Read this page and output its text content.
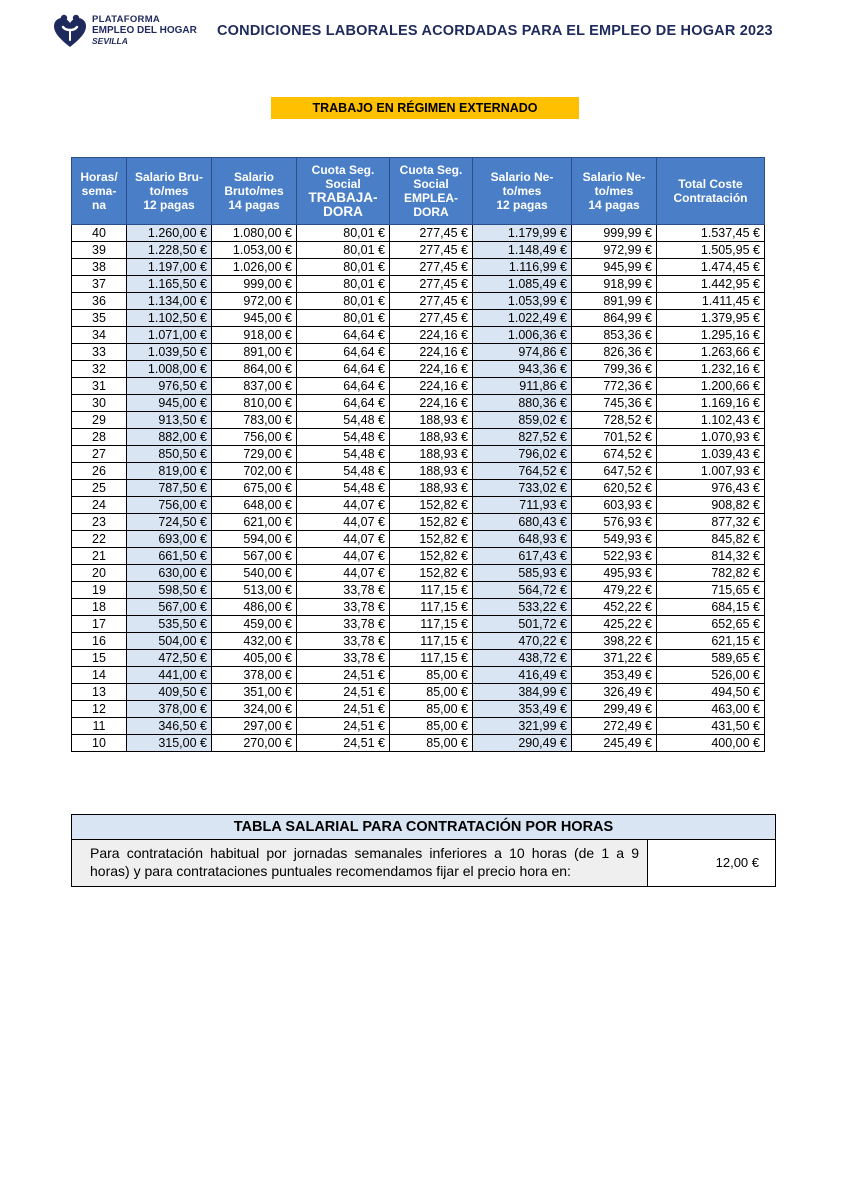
PLATAFORMA
EMPLEO DEL HOGAR
SEVILLA
CONDICIONES LABORALES ACORDADAS PARA EL EMPLEO DE HOGAR 2023
TRABAJO EN RÉGIMEN EXTERNADO
Horas/
sema-
na	Salario Bru-
to/mes
12 pagas	Salario
Bruto/mes
14 pagas	Cuota Seg.
Social
TRABAJA-
DORA	Cuota Seg.
Social
EMPLEA-
DORA	Salario Ne-
to/mes
12 pagas	Salario Ne-
to/mes
14 pagas	Total Coste
Contratación
40	1.260,00 €	1.080,00 €	80,01 €	277,45 €	1.179,99 €	999,99 €	1.537,45 €
39	1.228,50 €	1.053,00 €	80,01 €	277,45 €	1.148,49 €	972,99 €	1.505,95 €
38	1.197,00 €	1.026,00 €	80,01 €	277,45 €	1.116,99 €	945,99 €	1.474,45 €
37	1.165,50 €	999,00 €	80,01 €	277,45 €	1.085,49 €	918,99 €	1.442,95 €
36	1.134,00 €	972,00 €	80,01 €	277,45 €	1.053,99 €	891,99 €	1.411,45 €
35	1.102,50 €	945,00 €	80,01 €	277,45 €	1.022,49 €	864,99 €	1.379,95 €
34	1.071,00 €	918,00 €	64,64 €	224,16 €	1.006,36 €	853,36 €	1.295,16 €
33	1.039,50 €	891,00 €	64,64 €	224,16 €	974,86 €	826,36 €	1.263,66 €
32	1.008,00 €	864,00 €	64,64 €	224,16 €	943,36 €	799,36 €	1.232,16 €
31	976,50 €	837,00 €	64,64 €	224,16 €	911,86 €	772,36 €	1.200,66 €
30	945,00 €	810,00 €	64,64 €	224,16 €	880,36 €	745,36 €	1.169,16 €
29	913,50 €	783,00 €	54,48 €	188,93 €	859,02 €	728,52 €	1.102,43 €
28	882,00 €	756,00 €	54,48 €	188,93 €	827,52 €	701,52 €	1.070,93 €
27	850,50 €	729,00 €	54,48 €	188,93 €	796,02 €	674,52 €	1.039,43 €
26	819,00 €	702,00 €	54,48 €	188,93 €	764,52 €	647,52 €	1.007,93 €
25	787,50 €	675,00 €	54,48 €	188,93 €	733,02 €	620,52 €	976,43 €
24	756,00 €	648,00 €	44,07 €	152,82 €	711,93 €	603,93 €	908,82 €
23	724,50 €	621,00 €	44,07 €	152,82 €	680,43 €	576,93 €	877,32 €
22	693,00 €	594,00 €	44,07 €	152,82 €	648,93 €	549,93 €	845,82 €
21	661,50 €	567,00 €	44,07 €	152,82 €	617,43 €	522,93 €	814,32 €
20	630,00 €	540,00 €	44,07 €	152,82 €	585,93 €	495,93 €	782,82 €
19	598,50 €	513,00 €	33,78 €	117,15 €	564,72 €	479,22 €	715,65 €
18	567,00 €	486,00 €	33,78 €	117,15 €	533,22 €	452,22 €	684,15 €
17	535,50 €	459,00 €	33,78 €	117,15 €	501,72 €	425,22 €	652,65 €
16	504,00 €	432,00 €	33,78 €	117,15 €	470,22 €	398,22 €	621,15 €
15	472,50 €	405,00 €	33,78 €	117,15 €	438,72 €	371,22 €	589,65 €
14	441,00 €	378,00 €	24,51 €	85,00 €	416,49 €	353,49 €	526,00 €
13	409,50 €	351,00 €	24,51 €	85,00 €	384,99 €	326,49 €	494,50 €
12	378,00 €	324,00 €	24,51 €	85,00 €	353,49 €	299,49 €	463,00 €
11	346,50 €	297,00 €	24,51 €	85,00 €	321,99 €	272,49 €	431,50 €
10	315,00 €	270,00 €	24,51 €	85,00 €	290,49 €	245,49 €	400,00 €
TABLA SALARIAL PARA CONTRATACIÓN POR HORAS
Para contratación habitual por jornadas semanales inferiores a 10 horas (de 1 a 9 horas) y para contrataciones puntuales recomendamos fijar el precio hora en:
12,00 €
